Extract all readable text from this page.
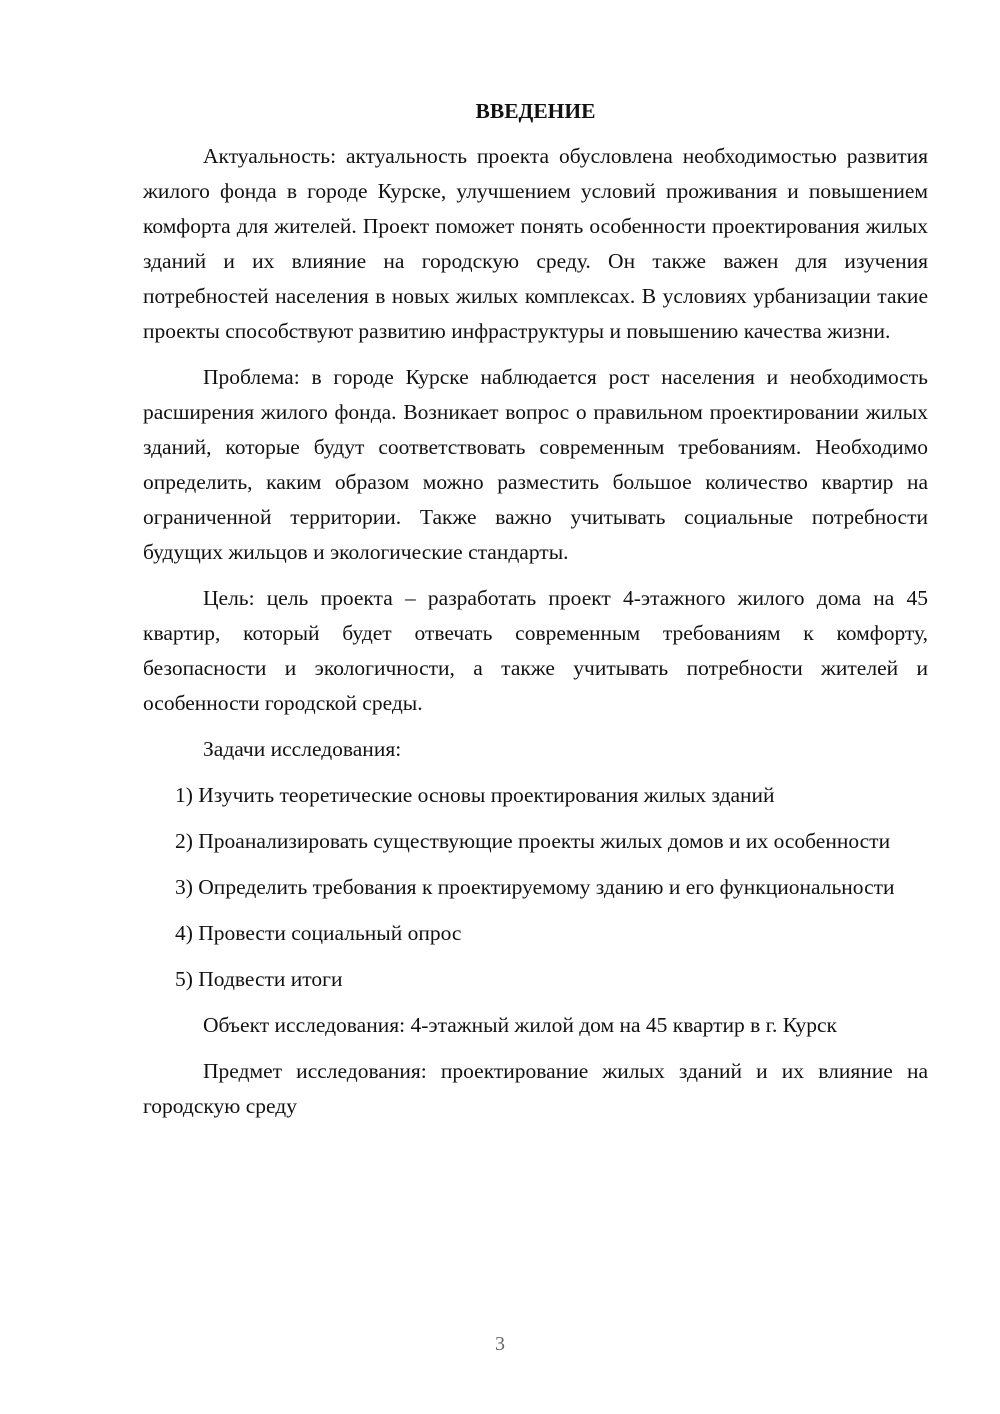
ВВЕДЕНИЕ

Актуальность: актуальность проекта обусловлена необходимостью развития жилого фонда в городе Курске, улучшением условий проживания и повышением комфорта для жителей. Проект поможет понять особенности проектирования жилых зданий и их влияние на городскую среду. Он также важен для изучения потребностей населения в новых жилых комплексах. В условиях урбанизации такие проекты способствуют развитию инфраструктуры и повышению качества жизни.

Проблема: в городе Курске наблюдается рост населения и необходимость расширения жилого фонда. Возникает вопрос о правильном проектировании жилых зданий, которые будут соответствовать современным требованиям. Необходимо определить, каким образом можно разместить большое количество квартир на ограниченной территории. Также важно учитывать социальные потребности будущих жильцов и экологические стандарты.

Цель: цель проекта – разработать проект 4-этажного жилого дома на 45 квартир, который будет отвечать современным требованиям к комфорту, безопасности и экологичности, а также учитывать потребности жителей и особенности городской среды.

Задачи исследования:

1) Изучить теоретические основы проектирования жилых зданий

2) Проанализировать существующие проекты жилых домов и их особенности

3) Определить требования к проектируемому зданию и его функциональности

4) Провести социальный опрос

5) Подвести итоги

Объект исследования: 4-этажный жилой дом на 45 квартир в г. Курск

Предмет исследования: проектирование жилых зданий и их влияние на городскую среду

3
